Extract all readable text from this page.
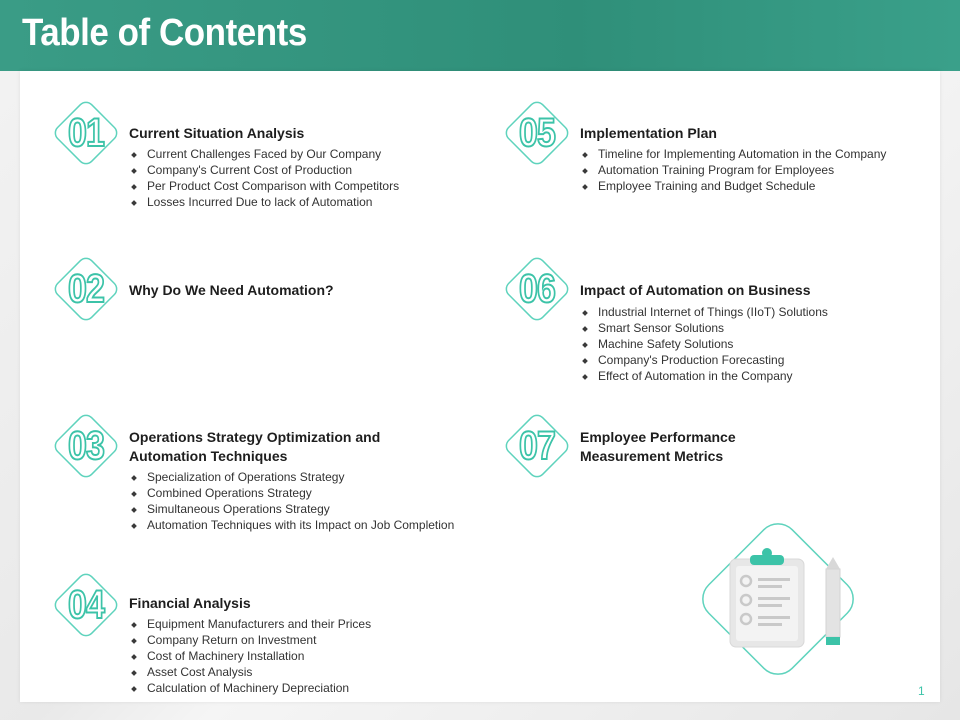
Table of Contents
01	Current Situation Analysis
Current Challenges Faced by Our Company
Company's Current Cost of Production
Per Product Cost Comparison with Competitors
Losses Incurred Due to lack of Automation
02	Why Do We Need Automation?
03	Operations Strategy Optimization and Automation Techniques
Specialization of Operations Strategy
Combined Operations Strategy
Simultaneous Operations Strategy
Automation Techniques with its Impact on Job Completion
04	Financial Analysis
Equipment Manufacturers and their Prices
Company Return on Investment
Cost of Machinery Installation
Asset Cost Analysis
Calculation of Machinery Depreciation
05	Implementation Plan
Timeline for Implementing Automation in the Company
Automation Training Program for Employees
Employee Training and Budget Schedule
06	Impact of Automation on Business
Industrial Internet of Things (IIoT) Solutions
Smart Sensor Solutions
Machine Safety Solutions
Company's Production Forecasting
Effect of Automation in the Company
07	Employee Performance Measurement Metrics
1
